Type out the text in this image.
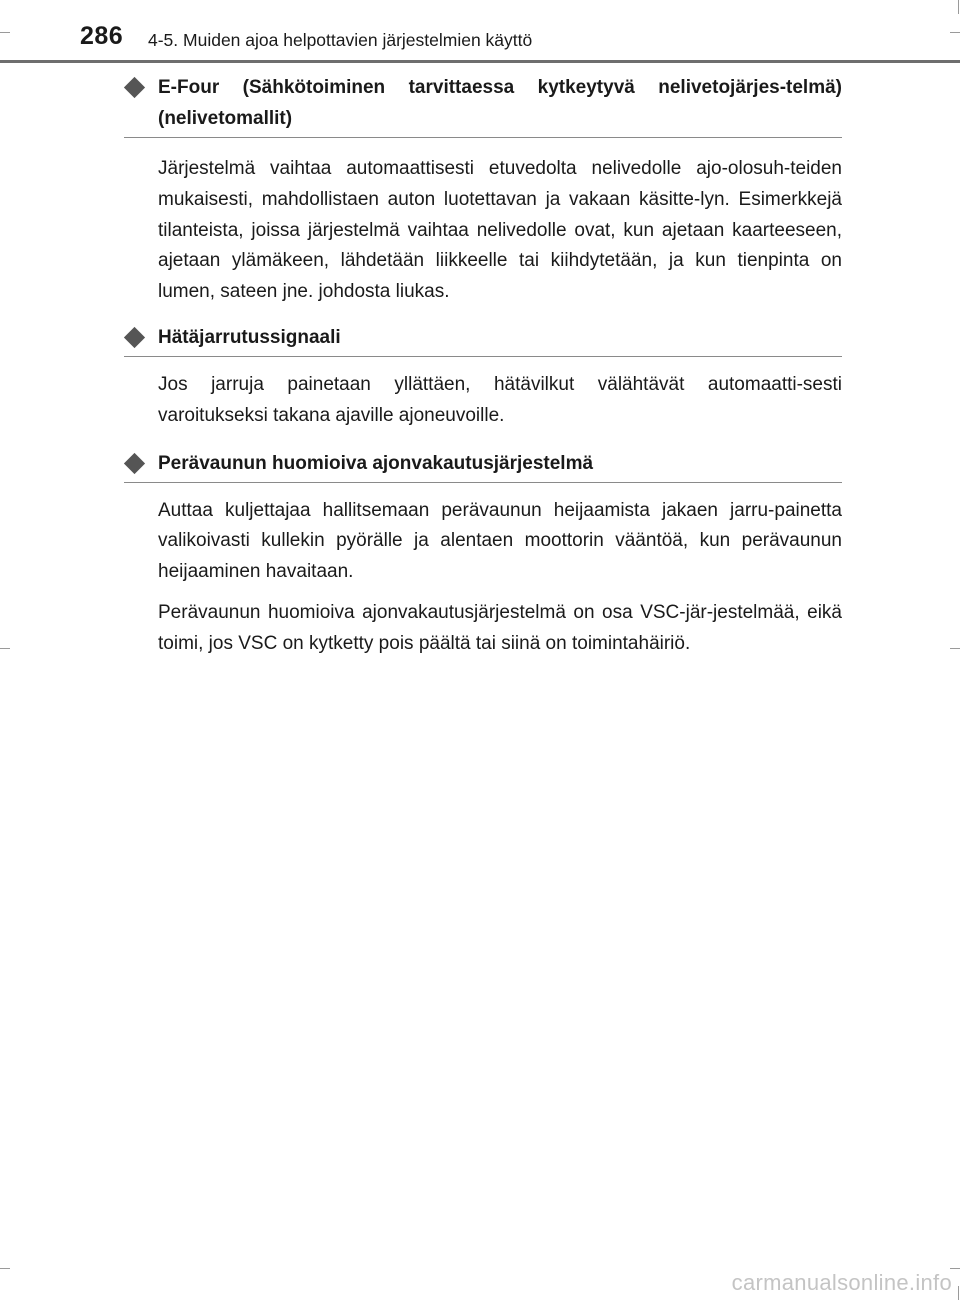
286 4-5. Muiden ajoa helpottavien järjestelmien käyttö
E-Four (Sähkötoiminen tarvittaessa kytkeytyvä nelivetojärjes-telmä) (nelivetomallit)

Järjestelmä vaihtaa automaattisesti etuvedolta nelivedolle ajo-olosuh-teiden mukaisesti, mahdollistaen auton luotettavan ja vakaan käsitte-lyn. Esimerkkejä tilanteista, joissa järjestelmä vaihtaa nelivedolle ovat, kun ajetaan kaarteeseen, ajetaan ylämäkeen, lähdetään liikkeelle tai kiihdytetään, ja kun tienpinta on lumen, sateen jne. johdosta liukas.

Hätäjarrutussignaali

Jos jarruja painetaan yllättäen, hätävilkut välähtävät automaatti-sesti varoitukseksi takana ajaville ajoneuvoille.

Perävaunun huomioiva ajonvakautusjärjestelmä

Auttaa kuljettajaa hallitsemaan perävaunun heijaamista jakaen jarru-painetta valikoivasti kullekin pyörälle ja alentaen moottorin vääntöä, kun perävaunun heijaaminen havaitaan.

Perävaunun huomioiva ajonvakautusjärjestelmä on osa VSC-jär-jestelmää, eikä toimi, jos VSC on kytketty pois päältä tai siinä on toimintahäiriö.

carmanualsonline.info
